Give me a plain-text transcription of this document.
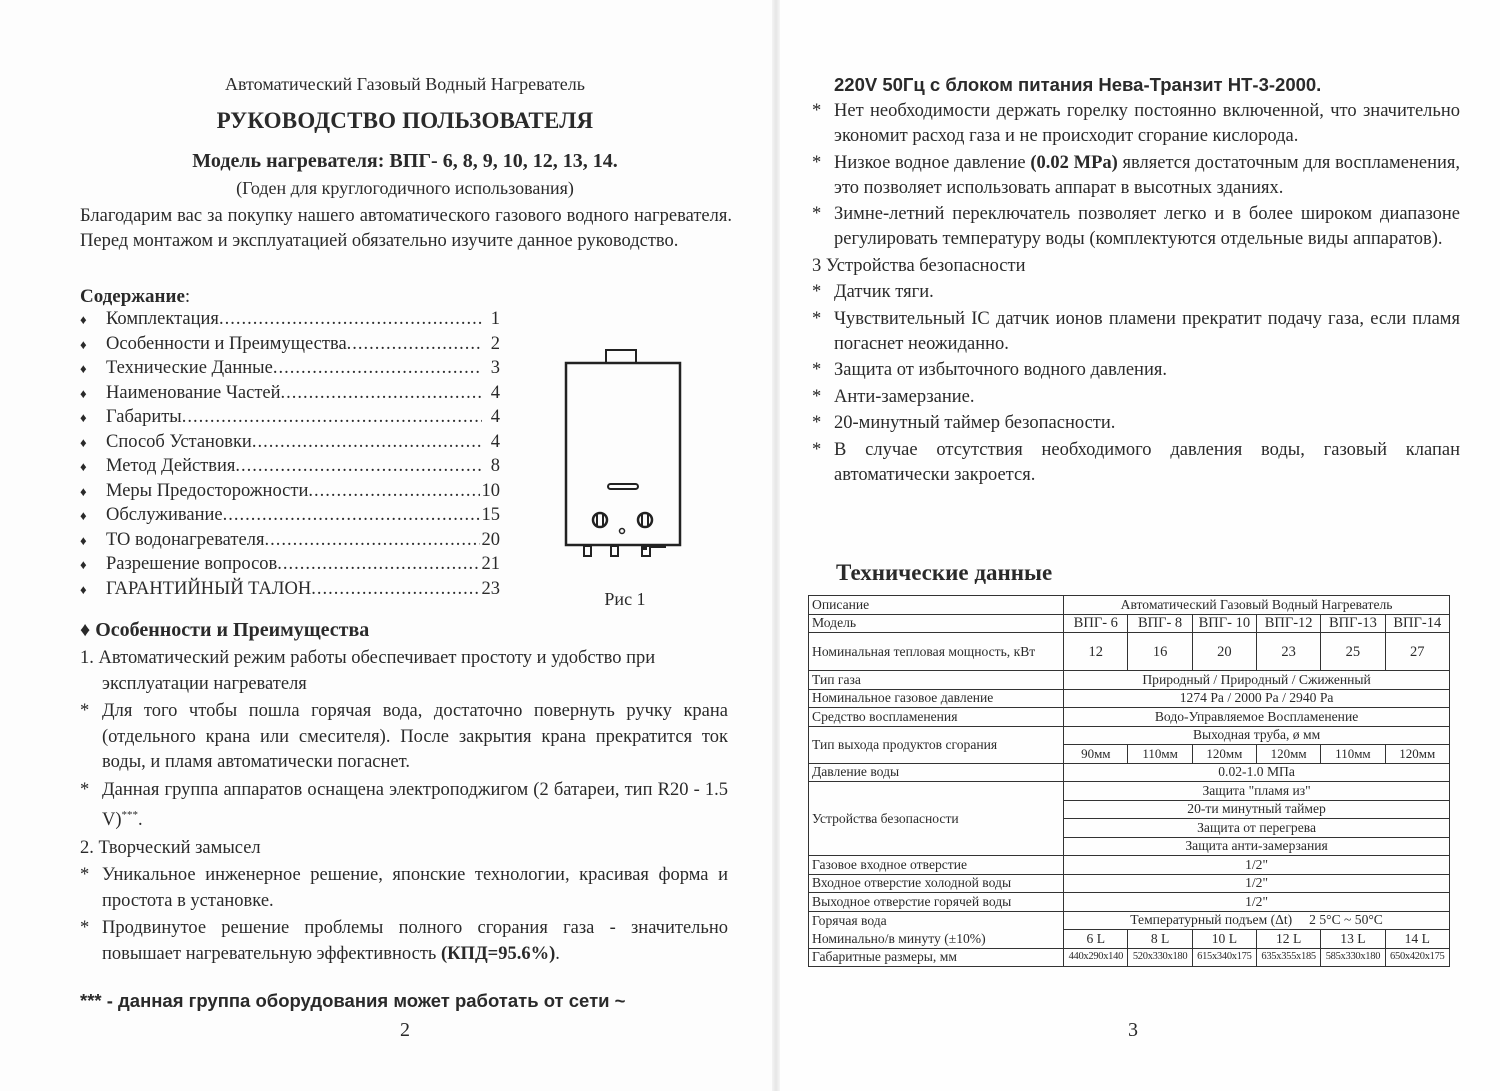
Автоматический Газовый Водный Нагреватель
РУКОВОДСТВО ПОЛЬЗОВАТЕЛЯ
Модель нагревателя: ВПГ- 6, 8, 9, 10, 12, 13, 14.
(Годен для круглогодичного использования)
Благодарим вас за покупку нашего автоматического газового водного нагревателя. Перед монтажом и эксплуатацией обязательно изучите данное руководство.
Содержание:
♦	Комплектация .....	1
♦	Особенности и Преимущества .....	2
♦	Технические Данные .....	3
♦	Наименование Частей .....	4
♦	Габариты .....	4
♦	Способ Установки .....	4
♦	Метод Действия .....	8
♦	Меры Предосторожности .....	10
♦	Обслуживание .....	15
♦	ТО водонагревателя .....	20
♦	Разрешение вопросов .....	21
♦	ГАРАНТИЙНЫЙ ТАЛОН .....	23
Рис 1
♦ Особенности и Преимущества
1. Автоматический режим работы обеспечивает простоту и удобство при эксплуатации нагревателя
* Для того чтобы пошла горячая вода, достаточно повернуть ручку крана (отдельного крана или смесителя). После закрытия крана прекратится ток воды, и пламя автоматически погаснет.
* Данная группа аппаратов оснащена электроподжигом (2 батареи, тип R20 - 1.5 V)***.
2. Творческий замысел
* Уникальное инженерное решение, японские технологии, красивая форма и простота в установке.
* Продвинутое решение проблемы полного сгорания газа - значительно повышает нагревательную эффективность (КПД=95.6%).
*** - данная группа оборудования может работать от сети ~
2
220V 50Гц с блоком питания Нева-Транзит НТ-3-2000.
* Нет необходимости держать горелку постоянно включенной, что значительно экономит расход газа и не происходит сгорание кислорода.
* Низкое водное давление (0.02 MPa) является достаточным для воспламенения, это позволяет использовать аппарат в высотных зданиях.
* Зимне-летний переключатель позволяет легко и в более широком диапазоне регулировать температуру воды (комплектуются отдельные виды аппаратов).
3 Устройства безопасности
* Датчик тяги.
* Чувствительный IC датчик ионов пламени прекратит подачу газа, если пламя погаснет неожиданно.
* Защита от избыточного водного давления.
* Анти-замерзание.
* 20-минутный таймер безопасности.
* В случае отсутствия необходимого давления воды, газовый клапан автоматически закроется.
Технические данные
Описание	Автоматический Газовый Водный Нагреватель					
Модель	ВПГ- 6	ВПГ- 8	ВПГ- 10	ВПГ-12	ВПГ-13	ВПГ-14
Номинальная тепловая мощность, кВт	12	16	20	23	25	27
Тип газа	Природный / Природный / Сжиженный					
Номинальное газовое давление	1274 Pa / 2000 Pa / 2940 Pa					
Средство воспламенения	Водо-Управляемое Воспламенение					
Тип выхода продуктов сгорания	Выходная труба, ø мм					
	90мм	110мм	120мм	120мм	110мм	120мм
Давление воды	0.02-1.0 МПа					
Устройства безопасности	Защита "пламя из"					
	20-ти минутный таймер					
	Защита от перегрева					
	Защита анти-замерзания					
Газовое входное отверстие	1/2"					
Входное отверстие холодной воды	1/2"					
Выходное отверстие горячей воды	1/2"					
Горячая вода	Температурный подъем (Δt)     2 5°C ~ 50°C					
Номинально/в минуту (±10%)	6 L	8 L	10 L	12 L	13 L	14 L
Габаритные размеры, мм	440x290x140	520x330x180	615x340x175	635x355x185	585x330x180	650x420x175
3
